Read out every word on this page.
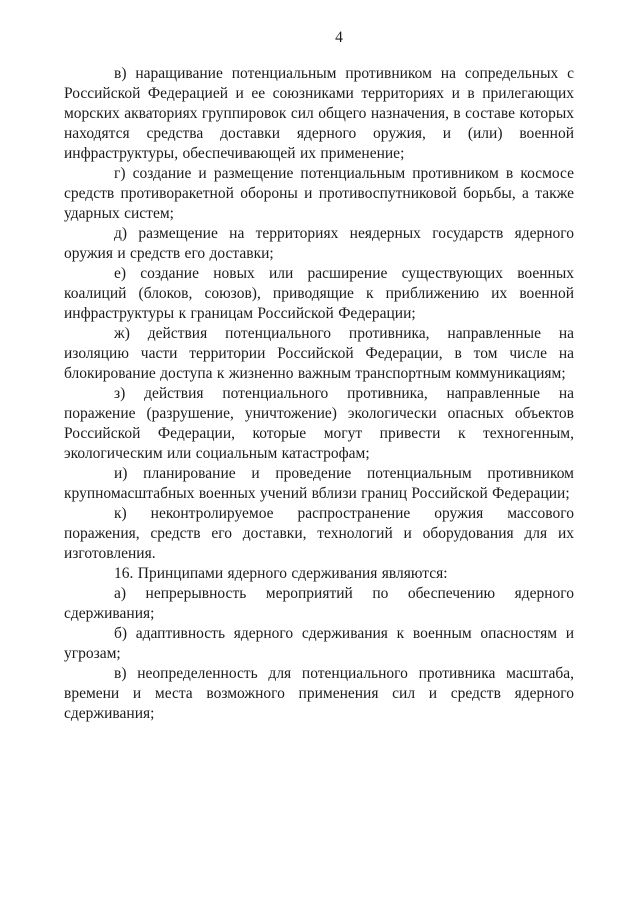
4

в) наращивание потенциальным противником на сопредельных с Российской Федерацией и ее союзниками территориях и в прилегающих морских акваториях группировок сил общего назначения, в составе которых находятся средства доставки ядерного оружия, и (или) военной инфраструктуры, обеспечивающей их применение;

г) создание и размещение потенциальным противником в космосе средств противоракетной обороны и противоспутниковой борьбы, а также ударных систем;

д) размещение на территориях неядерных государств ядерного оружия и средств его доставки;

е) создание новых или расширение существующих военных коалиций (блоков, союзов), приводящие к приближению их военной инфраструктуры к границам Российской Федерации;

ж) действия потенциального противника, направленные на изоляцию части территории Российской Федерации, в том числе на блокирование доступа к жизненно важным транспортным коммуникациям;

з) действия потенциального противника, направленные на поражение (разрушение, уничтожение) экологически опасных объектов Российской Федерации, которые могут привести к техногенным, экологическим или социальным катастрофам;

и) планирование и проведение потенциальным противником крупномасштабных военных учений вблизи границ Российской Федерации;

к) неконтролируемое распространение оружия массового поражения, средств его доставки, технологий и оборудования для их изготовления.

16. Принципами ядерного сдерживания являются:

а) непрерывность мероприятий по обеспечению ядерного сдерживания;

б) адаптивность ядерного сдерживания к военным опасностям и угрозам;

в) неопределенность для потенциального противника масштаба, времени и места возможного применения сил и средств ядерного сдерживания;
